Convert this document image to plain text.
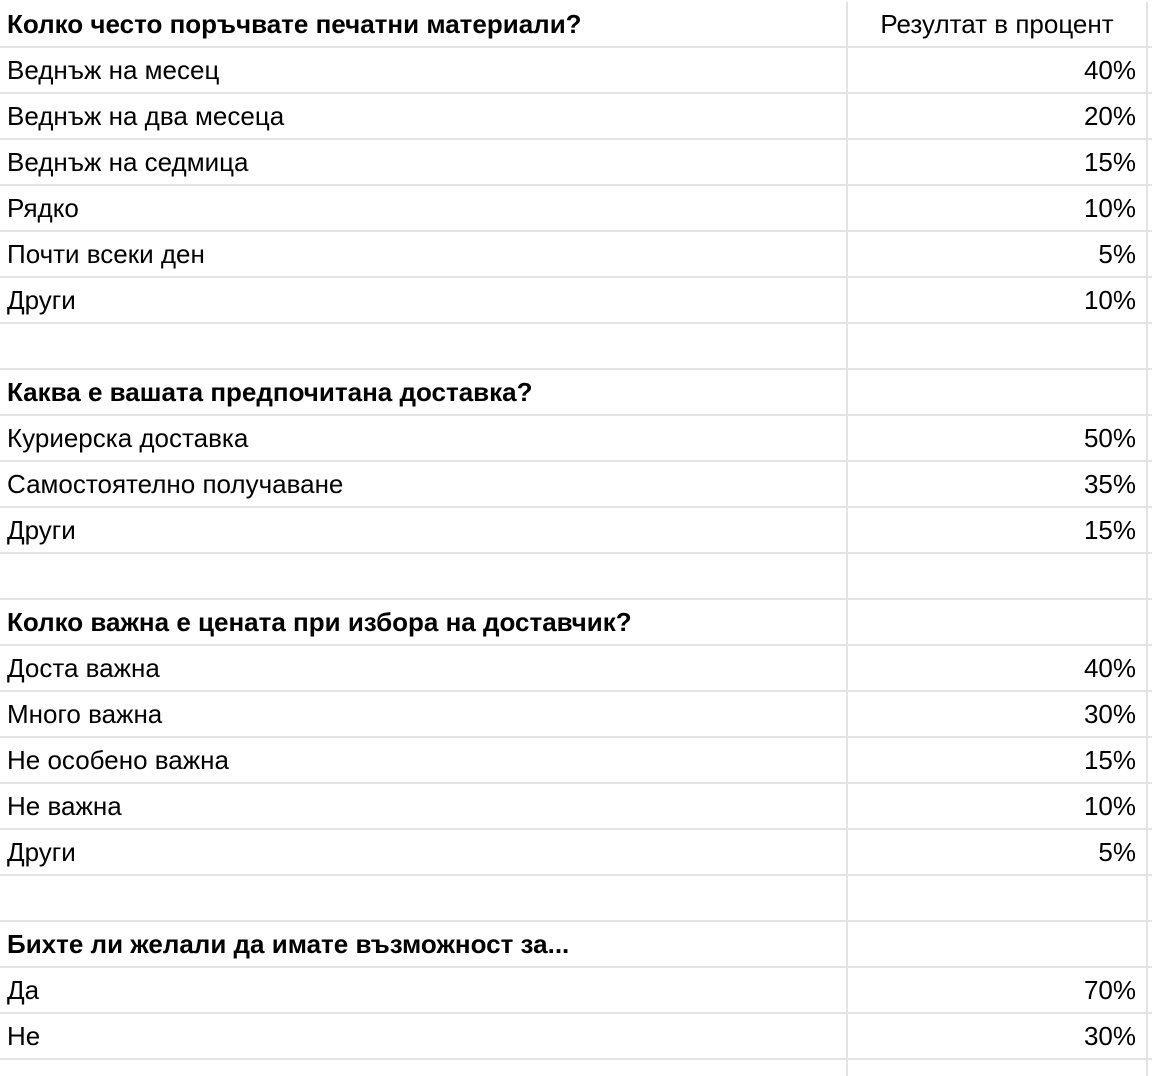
Колко често поръчвате печатни материали?	Резултат в процент
Веднъж на месец	40%
Веднъж на два месеца	20%
Веднъж на седмица	15%
Рядко	10%
Почти всеки ден	5%
Други	10%
Каква е вашата предпочитана доставка?
Куриерска доставка	50%
Самостоятелно получаване	35%
Други	15%
Колко важна е цената при избора на доставчик?
Доста важна	40%
Много важна	30%
Не особено важна	15%
Не важна	10%
Други	5%
Бихте ли желали да имате възможност за...
Да	70%
Не	30%
